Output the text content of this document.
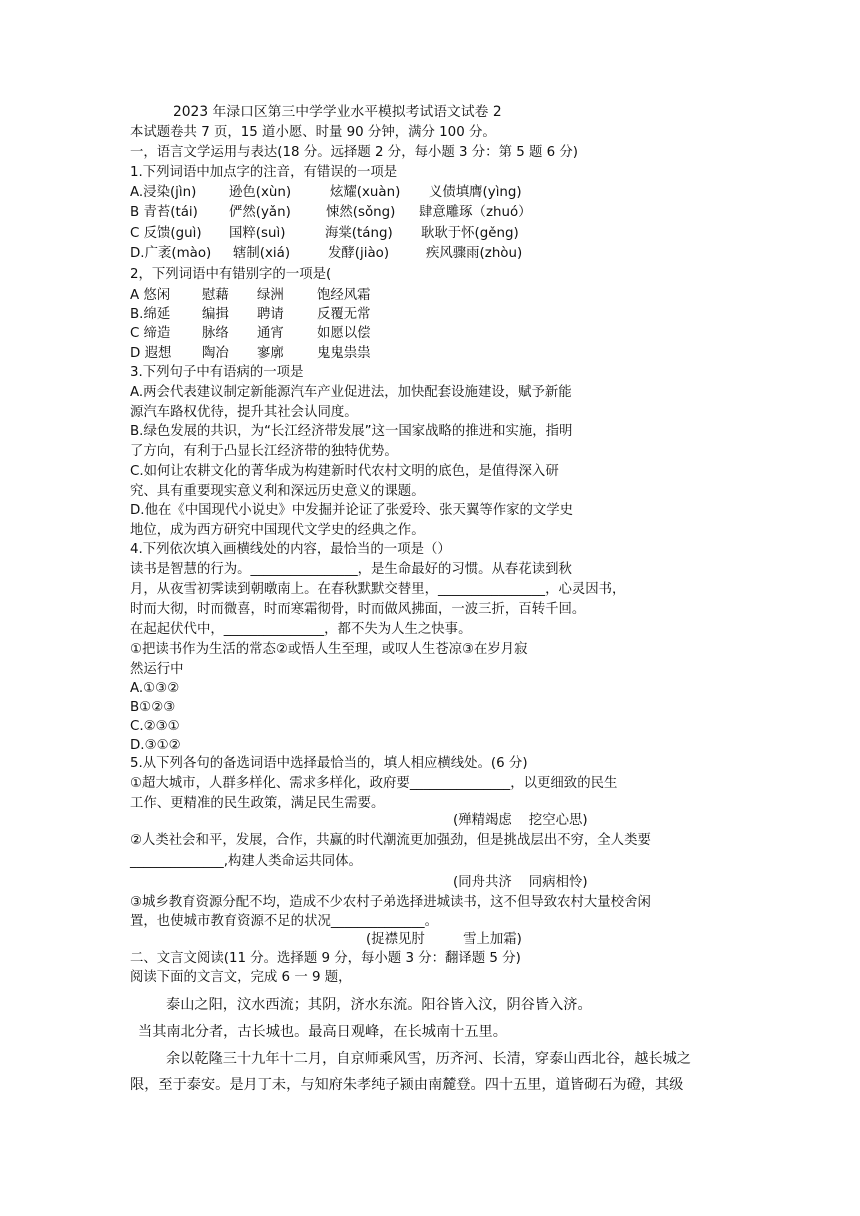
2023 年渌口区第三中学学业水平模拟考试语文试卷 2
本试题卷共 7 页，15 道小愿、时量 90 分钟，满分 100 分。
一，语言文学运用与表达(18 分。远择题 2 分，每小题 3 分：第 5 题 6 分)
1.下列词语中加点字的注音，有错误的一项是
A.浸染(jìn) 逊色(xùn)	炫耀(xuàn) 义债填膺(yìng)
B 青苔(tái) 俨然(yǎn)	悚然(sǒng) 肆意雕琢（zhuó）
C 反馈(guì) 国粹(suì)	海棠(táng) 耿耿于怀(gěng)
D.广袤(mào) 辖制(xiá)	发酵(jiào)	疾风骤雨(zhòu)
2，下列词语中有错别字的一项是(
A 悠闲 慰藉 绿洲 饱经风霜
B.绵延 编揖 聘请 反覆无常
C 缔造 脉络 通宵 如愿以偿
D 遐想 陶冶 寥廓 鬼鬼祟祟
3.下列句子中有语病的一项是
A.两会代表建议制定新能源汽车产业促进法，加快配套设施建设，赋予新能
源汽车路权优待，提升其社会认同度。
B.绿色发展的共识，为“长江经济带发展”这一国家战略的推进和实施，指明
了方向，有利于凸显长江经济带的独特优势。
C.如何让农耕文化的菁华成为构建新时代农村文明的底色，是值得深入研
究、具有重要现实意义利和深远历史意义的课题。
D.他在《中国现代小说史》中发掘并论证了张爱玲、张天翼等作家的文学史
地位，成为西方研究中国现代文学史的经典之作。
4.下列依次填入画横线处的内容，最恰当的一项是（）
读书是智慧的行为。________________，是生命最好的习惯。从春花读到秋
月，从夜雪初霁读到朝暾南上。在春秋默默交替里，________________，心灵因书，
时而大彻，时而微喜，时而寒霜彻骨，时而做风拂面，一波三折，百转千回。
在起起伏代中，_______________，都不失为人生之快事。
①把读书作为生活的常态②或悟人生至理，或叹人生苍凉③在岁月寂
然运行中
A.①③②
B①②③
C.②③①
D.③①②
5.从下列各句的备选词语中选择最恰当的，填人相应横线处。(6 分)
①超大城市，人群多样化、需求多样化，政府要_______________，以更细致的民生
工作、更精准的民生政策，满足民生需要。
(殚精竭虑    挖空心思)
②人类社会和平，发展，合作，共赢的时代潮流更加强劲，但是挑战层出不穷，全人类要
______________,构建人类命运共同体。
(同舟共济    同病相怜)
③城乡教育资源分配不均，造成不少农村子弟选择进城读书，这不但导致农村大量校舍闲
置，也使城市教育资源不足的状况______________。
(捉襟见肘         雪上加霜)
二、文言文阅读(11 分。选择题 9 分，每小题 3 分：翻译题 5 分)
阅读下面的文言文，完成 6 一 9 题，
泰山之阳，汶水西流；其阴，济水东流。阳谷皆入汶，阴谷皆入济。
当其南北分者，古长城也。最高日观峰，在长城南十五里。
余以乾隆三十九年十二月，自京师乘风雪，历齐河、长清，穿泰山西北谷，越长城之
限，至于泰安。是月丁未，与知府朱孝纯子颍由南麓登。四十五里，道皆砌石为磴，其级
